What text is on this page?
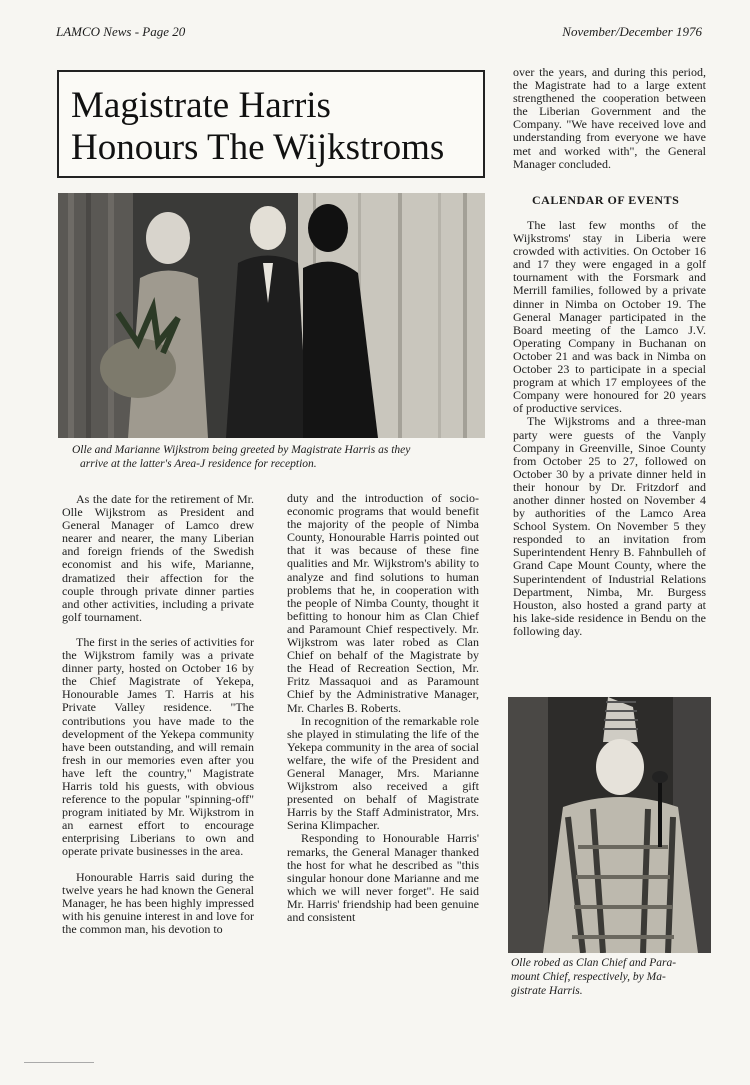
LAMCO News - Page 20	November/December 1976
Magistrate Harris
Honours The Wijkstroms
Olle and Marianne Wijkstrom being greeted by Magistrate Harris as they
arrive at the latter's Area-J residence for reception.

As the date for the retirement of Mr. Olle Wijkstrom as President and General Manager of Lamco drew nearer and nearer, the many Liberian and foreign friends of the Swedish economist and his wife, Marianne, dramatized their affection for the couple through private dinner parties and other activities, including a private golf tournament.

The first in the series of activities for the Wijkstrom family was a private dinner party, hosted on October 16 by the Chief Magistrate of Yekepa, Honourable James T. Harris at his Private Valley residence. "The contributions you have made to the development of the Yekepa community have been outstanding, and will remain fresh in our memories even after you have left the country," Magistrate Harris told his guests, with obvious reference to the popular "spinning-off" program initiated by Mr. Wijkstrom in an earnest effort to encourage enterprising Liberians to own and operate private businesses in the area.

Honourable Harris said during the twelve years he had known the General Manager, he has been highly impressed with his genuine interest in and love for the common man, his devotion to

duty and the introduction of socio-economic programs that would benefit the majority of the people of Nimba County, Honourable Harris pointed out that it was because of these fine qualities and Mr. Wijkstrom's ability to analyze and find solutions to human problems that he, in cooperation with the people of Nimba County, thought it befitting to honour him as Clan Chief and Paramount Chief respectively. Mr. Wijkstrom was later robed as Clan Chief on behalf of the Magistrate by the Head of Recreation Section, Mr. Fritz Massaquoi and as Paramount Chief by the Administrative Manager, Mr. Charles B. Roberts.

In recognition of the remarkable role she played in stimulating the life of the Yekepa community in the area of social welfare, the wife of the President and General Manager, Mrs. Marianne Wijkstrom also received a gift presented on behalf of Magistrate Harris by the Staff Administrator, Mrs. Serina Klimpacher.

Responding to Honourable Harris' remarks, the General Manager thanked the host for what he described as "this singular honour done Marianne and me which we will never forget". He said Mr. Harris' friendship had been genuine and consistent

over the years, and during this period, the Magistrate had to a large extent strengthened the cooperation between the Liberian Government and the Company. "We have received love and understanding from everyone we have met and worked with", the General Manager concluded.

CALENDAR OF EVENTS

The last few months of the Wijkstroms' stay in Liberia were crowded with activities. On October 16 and 17 they were engaged in a golf tournament with the Forsmark and Merrill families, followed by a private dinner in Nimba on October 19. The General Manager participated in the Board meeting of the Lamco J.V. Operating Company in Buchanan on October 21 and was back in Nimba on October 23 to participate in a special program at which 17 employees of the Company were honoured for 20 years of productive services.

The Wijkstroms and a three-man party were guests of the Vanply Company in Greenville, Sinoe County from October 25 to 27, followed on October 30 by a private dinner held in their honour by Dr. Fritzdorf and another dinner hosted on November 4 by authorities of the Lamco Area School System. On November 5 they responded to an invitation from Superintendent Henry B. Fahnbulleh of Grand Cape Mount County, where the Superintendent of Industrial Relations Department, Nimba, Mr. Burgess Houston, also hosted a grand party at his lake-side residence in Bendu on the following day.

Olle robed as Clan Chief and Para-
mount Chief, respectively, by Ma-
gistrate Harris.
